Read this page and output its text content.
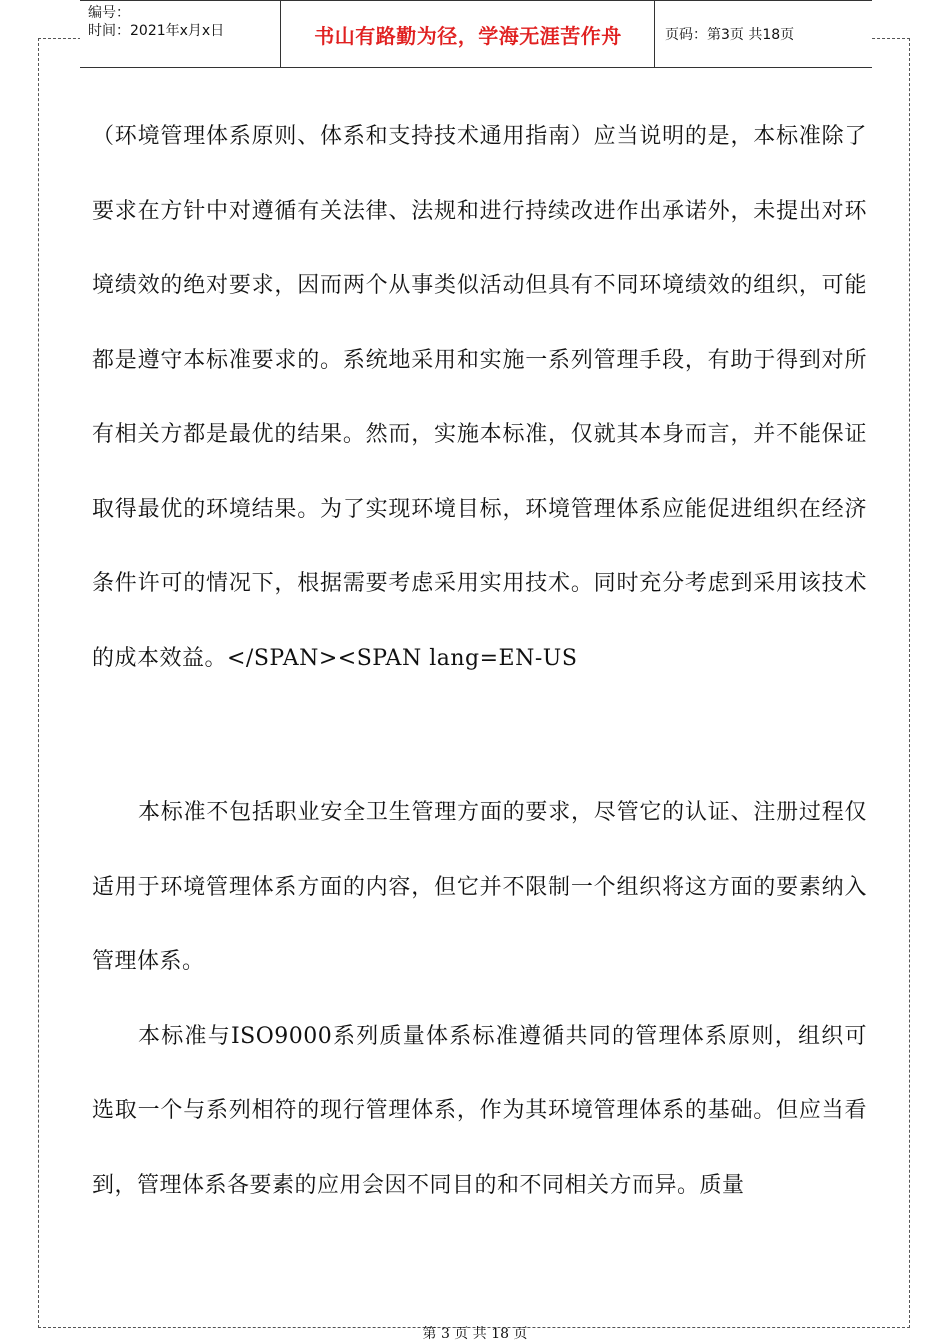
编号：
时间：2021年x月x日	书山有路勤为径，学海无涯苦作舟	页码：第3页 共18页

（环境管理体系原则、体系和支持技术通用指南）应当说明的是，本标准除了要求在方针中对遵循有关法律、法规和进行持续改进作出承诺外，未提出对环境绩效的绝对要求，因而两个从事类似活动但具有不同环境绩效的组织，可能都是遵守本标准要求的。系统地采用和实施一系列管理手段，有助于得到对所有相关方都是最优的结果。然而，实施本标准，仅就其本身而言，并不能保证取得最优的环境结果。为了实现环境目标，环境管理体系应能促进组织在经济条件许可的情况下，根据需要考虑采用实用技术。同时充分考虑到采用该技术的成本效益。</SPAN><SPAN lang=EN-US

本标准不包括职业安全卫生管理方面的要求，尽管它的认证、注册过程仅适用于环境管理体系方面的内容，但它并不限制一个组织将这方面的要素纳入管理体系。

本标准与ISO9000系列质量体系标准遵循共同的管理体系原则，组织可选取一个与系列相符的现行管理体系，作为其环境管理体系的基础。但应当看到，管理体系各要素的应用会因不同目的和不同相关方而异。质量

第 3 页 共 18 页
